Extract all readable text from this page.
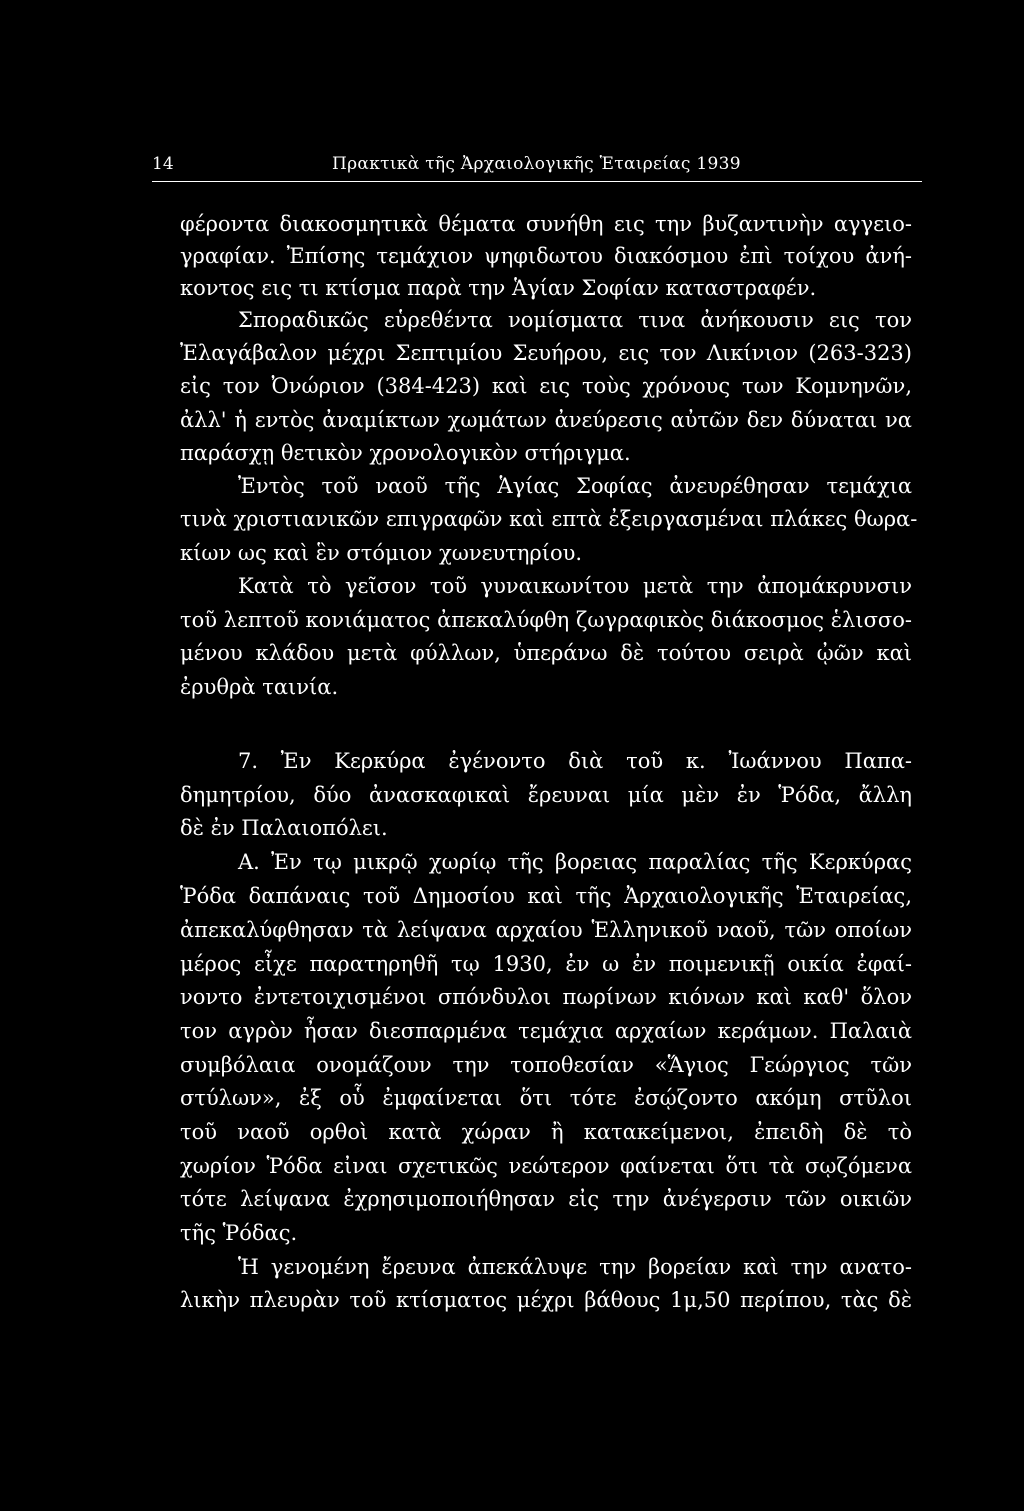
14	Πρακτικὰ τῆς Ἀρχαιολογικῆς Ἑταιρείας 1939
φέροντα διακοσμητικὰ θέματα συνήθη εις την βυζαντινὴν αγγειο-
γραφίαν. Ἐπίσης τεμάχιον ψηφιδωτου διακόσμου ἐπὶ τοίχου ἀνή-
κοντος εις τι κτίσμα παρὰ την Ἁγίαν Σοφίαν καταστραφέν.
Σποραδικῶς εὑρεθέντα νομίσματα τινα ἀνήκουσιν εις τον
Ἐλαγάβαλον μέχρι Σεπτιμίου Σευήρου, εις τον Λικίνιον (263-323)
εἰς τον Ὀνώριον (384-423) καὶ εις τοὺς χρόνους των Κομνηνῶν,
ἀλλ' ἡ εντὸς ἀναμίκτων χωμάτων ἀνεύρεσις αὐτῶν δεν δύναται να
παράσχῃ θετικὸν χρονολογικὸν στήριγμα.
Ἐντὸς τοῦ ναοῦ τῆς Ἁγίας Σοφίας ἀνευρέθησαν τεμάχια
τινὰ χριστιανικῶν επιγραφῶν καὶ επτὰ ἐξειργασμέναι πλάκες θωρα-
κίων ως καὶ ἓν στόμιον χωνευτηρίου.
Κατὰ τὸ γεῖσον τοῦ γυναικωνίτου μετὰ την ἀπομάκρυνσιν
τοῦ λεπτοῦ κονιάματος ἀπεκαλύφθη ζωγραφικὸς διάκοσμος ἑλισσο-
μένου κλάδου μετὰ φύλλων, ὑπεράνω δὲ τούτου σειρὰ ᾠῶν καὶ
ἐρυθρὰ ταινία.
7. Ἐν Κερκύρα ἐγένοντο διὰ τοῦ κ. Ἰωάννου Παπα-
δημητρίου, δύο ἀνασκαφικαὶ ἔρευναι μία μὲν ἐν Ῥόδα, ἄλλη
δὲ ἐν Παλαιοπόλει.
Α. Ἐν τῳ μικρῷ χωρίῳ τῆς βορειας παραλίας τῆς Κερκύρας
Ῥόδα δαπάναις τοῦ Δημοσίου καὶ τῆς Ἀρχαιολογικῆς Ἑταιρείας,
ἀπεκαλύφθησαν τὰ λείψανα αρχαίου Ἑλληνικοῦ ναοῦ, τῶν οποίων
μέρος εἶχε παρατηρηθῆ τῳ 1930, ἐν ω ἐν ποιμενικῇ οικία ἐφαί-
νοντο ἐντετοιχισμένοι σπόνδυλοι πωρίνων κιόνων καὶ καθ' ὅλον
τον αγρὸν ἦσαν διεσπαρμένα τεμάχια αρχαίων κεράμων. Παλαιὰ
συμβόλαια ονομάζουν την τοποθεσίαν «Ἅγιος Γεώργιος τῶν
στύλων», ἐξ οὗ ἐμφαίνεται ὅτι τότε ἐσῴζοντο ακόμη στῦλοι
τοῦ ναοῦ ορθοὶ κατὰ χώραν ἢ κατακείμενοι, ἐπειδὴ δὲ τὸ
χωρίον Ῥόδα εἰναι σχετικῶς νεώτερον φαίνεται ὅτι τὰ σῳζόμενα
τότε λείψανα ἐχρησιμοποιήθησαν εἰς την ἀνέγερσιν τῶν οικιῶν
τῆς Ῥόδας.
Ἡ γενομένη ἔρευνα ἀπεκάλυψε την βορείαν καὶ την ανατο-
λικὴν πλευρὰν τοῦ κτίσματος μέχρι βάθους 1μ,50 περίπου, τὰς δὲ
